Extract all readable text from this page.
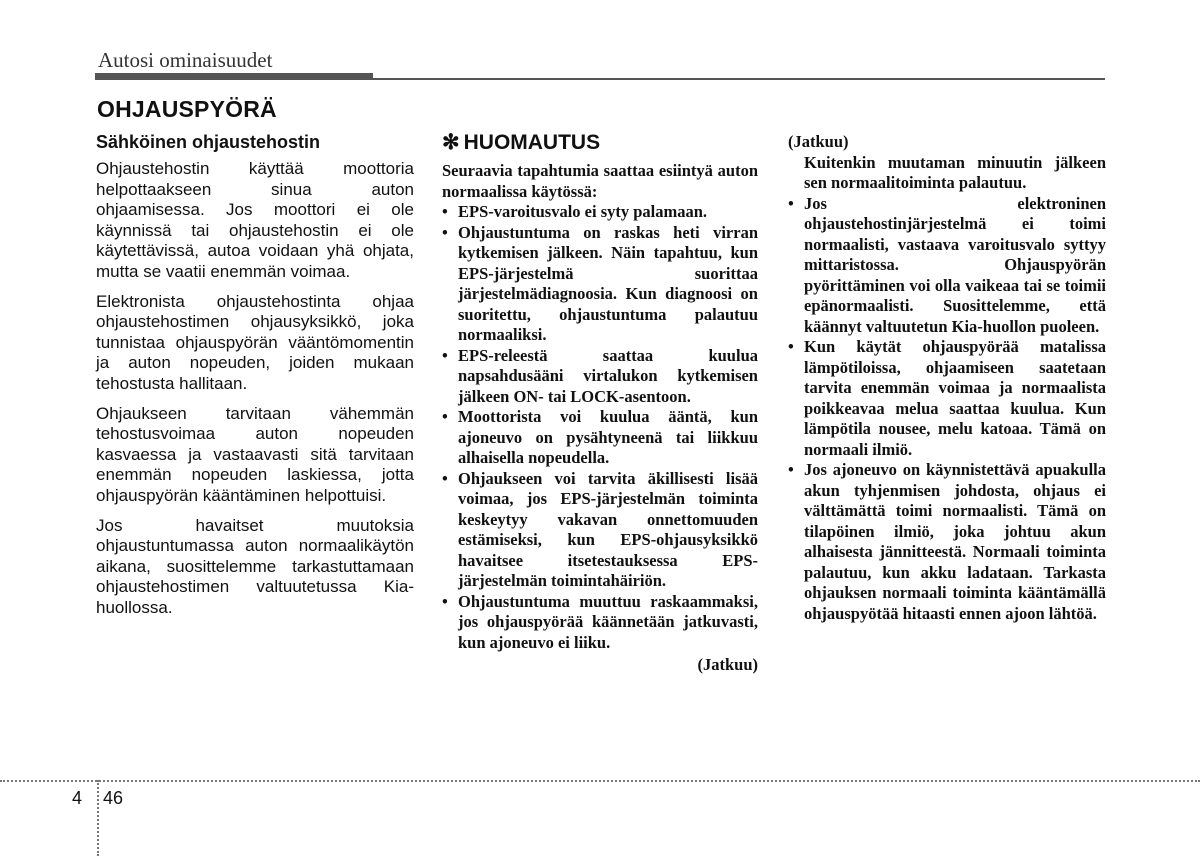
Autosi ominaisuudet
OHJAUSPYÖRÄ
Sähköinen ohjaustehostin

Ohjaustehostin käyttää moottoria helpottaakseen sinua auton ohjaamisessa. Jos moottori ei ole käynnissä tai ohjaustehostin ei ole käytettävissä, autoa voidaan yhä ohjata, mutta se vaatii enemmän voimaa.

Elektronista ohjaustehostinta ohjaa ohjaustehostimen ohjausyksikkö, joka tunnistaa ohjauspyörän vääntömomentin ja auton nopeuden, joiden mukaan tehostusta hallitaan.

Ohjaukseen tarvitaan vähemmän tehostusvoimaa auton nopeuden kasvaessa ja vastaavasti sitä tarvitaan enemmän nopeuden laskiessa, jotta ohjauspyörän kääntäminen helpottuisi.

Jos havaitset muutoksia ohjaustuntumassa auton normaalikäytön aikana, suosittelemme tarkastuttamaan ohjaustehostimen valtuutetussa Kia-huollossa.

✻ HUOMAUTUS
Seuraavia tapahtumia saattaa esiintyä auton normaalissa käytössä:
• EPS-varoitusvalo ei syty palamaan.
• Ohjaustuntuma on raskas heti virran kytkemisen jälkeen. Näin tapahtuu, kun EPS-järjestelmä suorittaa järjestelmädiagnoosia. Kun diagnoosi on suoritettu, ohjaustuntuma palautuu normaaliksi.
• EPS-releestä saattaa kuulua napsahdusääni virtalukon kytkemisen jälkeen ON- tai LOCK-asentoon.
• Moottorista voi kuulua ääntä, kun ajoneuvo on pysähtyneenä tai liikkuu alhaisella nopeudella.
• Ohjaukseen voi tarvita äkillisesti lisää voimaa, jos EPS-järjestelmän toiminta keskeytyy vakavan onnettomuuden estämiseksi, kun EPS-ohjausyksikkö havaitsee itsetestauksessa EPS-järjestelmän toimintahäiriön.
• Ohjaustuntuma muuttuu raskaammaksi, jos ohjauspyörää käännetään jatkuvasti, kun ajoneuvo ei liiku.
(Jatkuu)
(Jatkuu)
Kuitenkin muutaman minuutin jälkeen sen normaalitoiminta palautuu.
• Jos elektroninen ohjaustehostinjärjestelmä ei toimi normaalisti, vastaava varoitusvalo syttyy mittaristossa. Ohjauspyörän pyörittäminen voi olla vaikeaa tai se toimii epänormaalisti. Suosittelemme, että käännyt valtuutetun Kia-huollon puoleen.
• Kun käytät ohjauspyörää matalissa lämpötiloissa, ohjaamiseen saatetaan tarvita enemmän voimaa ja normaalista poikkeavaa melua saattaa kuulua. Kun lämpötila nousee, melu katoaa. Tämä on normaali ilmiö.
• Jos ajoneuvo on käynnistettävä apuakulla akun tyhjenmisen johdosta, ohjaus ei välttämättä toimi normaalisti. Tämä on tilapöinen ilmiö, joka johtuu akun alhaisesta jännitteestä. Normaali toiminta palautuu, kun akku ladataan. Tarkasta ohjauksen normaali toiminta kääntämällä ohjauspyötää hitaasti ennen ajoon lähtöä.
4 46
